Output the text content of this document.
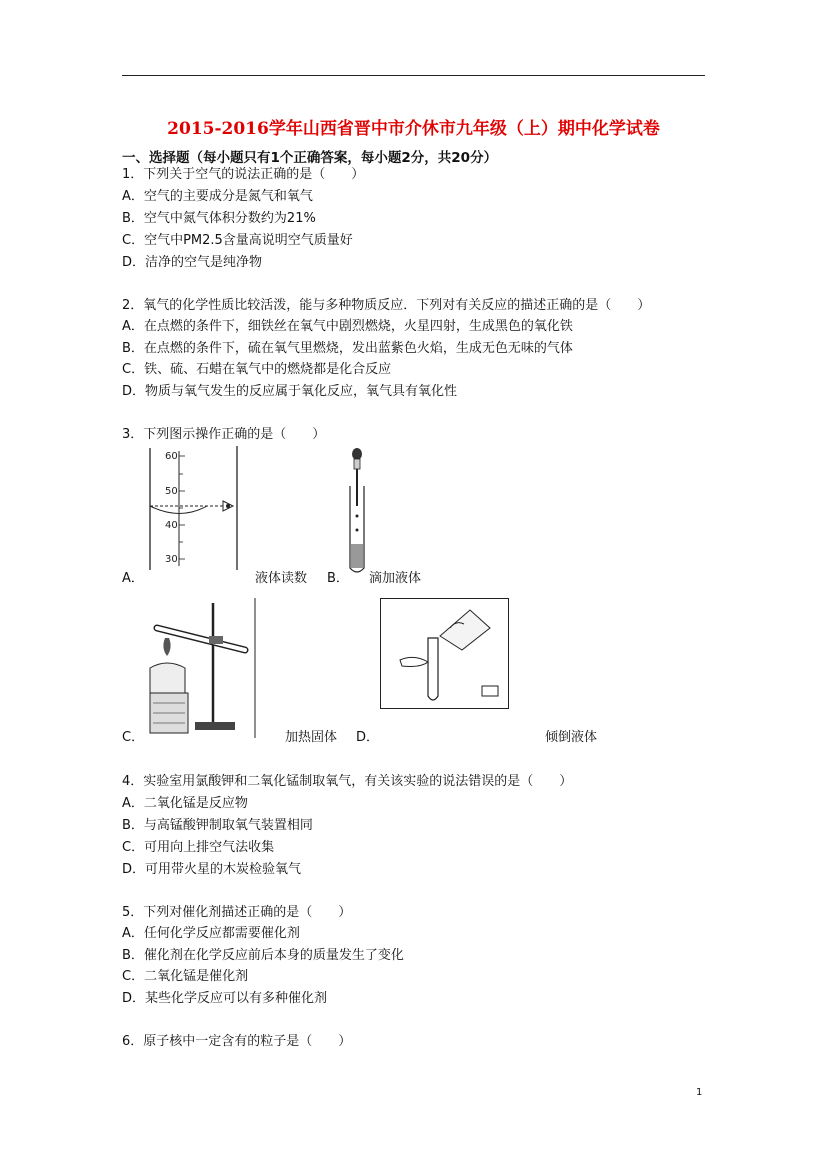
2015-2016学年山西省晋中市介休市九年级（上）期中化学试卷
一、选择题（每小题只有1个正确答案，每小题2分，共20分）
1．下列关于空气的说法正确的是（　　）
A．空气的主要成分是氮气和氧气
B．空气中氮气体积分数约为21%
C．空气中PM2.5含量高说明空气质量好
D．洁净的空气是纯净物
2．氧气的化学性质比较活泼，能与多种物质反应．下列对有关反应的描述正确的是（　　）
A．在点燃的条件下，细铁丝在氧气中剧烈燃烧，火星四射，生成黑色的氧化铁
B．在点燃的条件下，硫在氧气里燃烧，发出蓝紫色火焰，生成无色无味的气体
C．铁、硫、石蜡在氧气中的燃烧都是化合反应
D．物质与氧气发生的反应属于氧化反应，氧气具有氧化性
3．下列图示操作正确的是（　　）
60
50
40
30
A．	液体读数 B． 滴加液体
C．	加热固体 D．	倾倒液体
4．实验室用氯酸钾和二氧化锰制取氧气，有关该实验的说法错误的是（　　）
A．二氧化锰是反应物
B．与高锰酸钾制取氧气装置相同
C．可用向上排空气法收集
D．可用带火星的木炭检验氧气
5．下列对催化剂描述正确的是（　　）
A．任何化学反应都需要催化剂
B．催化剂在化学反应前后本身的质量发生了变化
C．二氧化锰是催化剂
D．某些化学反应可以有多种催化剂
6．原子核中一定含有的粒子是（　　）
1
